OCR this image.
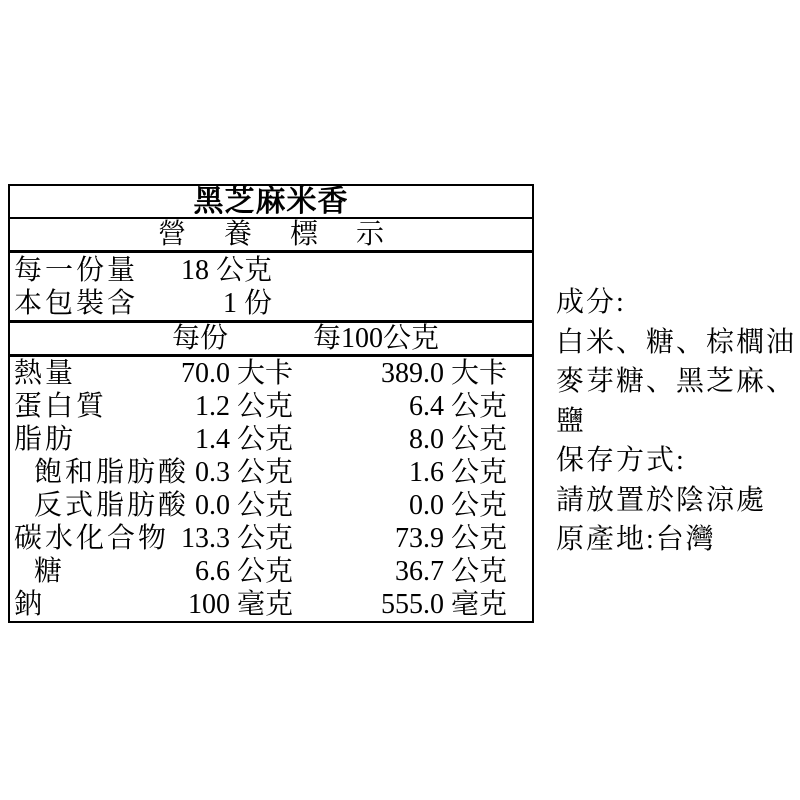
黑芝麻米香
營養標示
每一份量	18 公克
本包裝含	1 份
每份	每100公克
熱量	70.0 大卡	389.0 大卡
蛋白質	1.2 公克	6.4 公克
脂肪	1.4 公克	8.0 公克
飽和脂肪酸 0.3 公克	1.6 公克
反式脂肪酸 0.0 公克	0.0 公克
碳水化合物 13.3 公克	73.9 公克
糖	6.6 公克	36.7 公克
鈉	100 毫克	555.0 毫克
成分:
白米、糖、棕櫚油
麥芽糖、黑芝麻、
鹽
保存方式:
請放置於陰涼處
原產地:台灣
